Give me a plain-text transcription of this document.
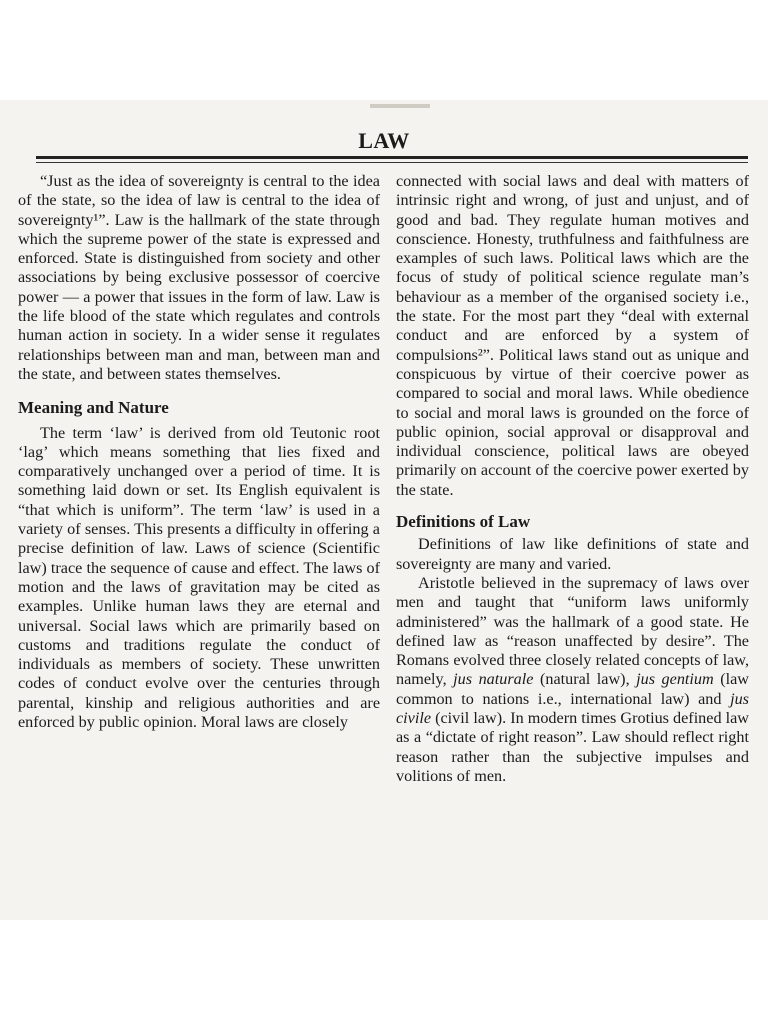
LAW

“Just as the idea of sovereignty is central to the idea of the state, so the idea of law is central to the idea of sovereignty¹”. Law is the hallmark of the state through which the supreme power of the state is expressed and enforced. State is distinguished from society and other associations by being exclusive possessor of coercive power — a power that issues in the form of law. Law is the life blood of the state which regulates and controls human action in society. In a wider sense it regulates relationships between man and man, between man and the state, and between states themselves.

Meaning and Nature

The term ‘law’ is derived from old Teutonic root ‘lag’ which means something that lies fixed and comparatively unchanged over a period of time. It is something laid down or set. Its English equivalent is “that which is uniform”. The term ‘law’ is used in a variety of senses. This presents a difficulty in offering a precise definition of law. Laws of science (Scientific law) trace the sequence of cause and effect. The laws of motion and the laws of gravitation may be cited as examples. Unlike human laws they are eternal and universal. Social laws which are primarily based on customs and traditions regulate the conduct of individuals as members of society. These unwritten codes of conduct evolve over the centuries through parental, kinship and religious authorities and are enforced by public opinion. Moral laws are closely

connected with social laws and deal with matters of intrinsic right and wrong, of just and unjust, and of good and bad. They regulate human motives and conscience. Honesty, truthfulness and faithfulness are examples of such laws. Political laws which are the focus of study of political science regulate man’s behaviour as a member of the organised society i.e., the state. For the most part they “deal with external conduct and are enforced by a system of compulsions²”. Political laws stand out as unique and conspicuous by virtue of their coercive power as compared to social and moral laws. While obedience to social and moral laws is grounded on the force of public opinion, social approval or disapproval and individual conscience, political laws are obeyed primarily on account of the coercive power exerted by the state.

Definitions of Law

Definitions of law like definitions of state and sovereignty are many and varied.

Aristotle believed in the supremacy of laws over men and taught that “uniform laws uniformly administered” was the hallmark of a good state. He defined law as “reason unaffected by desire”. The Romans evolved three closely related concepts of law, namely, jus naturale (natural law), jus gentium (law common to nations i.e., international law) and jus civile (civil law). In modern times Grotius defined law as a “dictate of right reason”. Law should reflect right reason rather than the subjective impulses and volitions of men.
